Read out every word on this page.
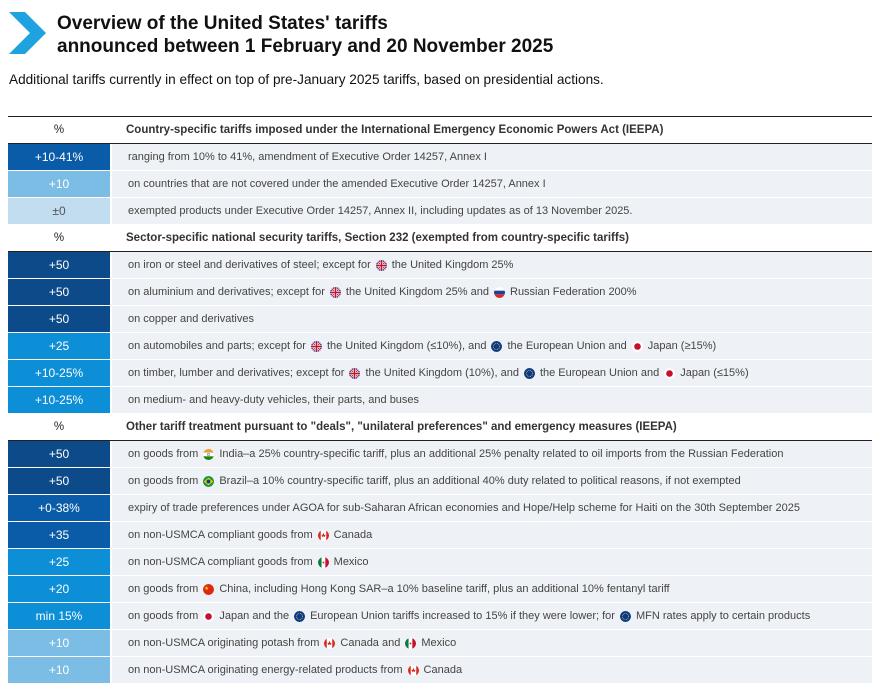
Overview of the United States' tariffs
announced between 1 February and 20 November 2025
Additional tariffs currently in effect on top of pre-January 2025 tariffs, based on presidential actions.
%	Country-specific tariffs imposed under the International Emergency Economic Powers Act (IEEPA)
+10-41%	ranging from 10% to 41%, amendment of Executive Order 14257, Annex I
+10	on countries that are not covered under the amended Executive Order 14257, Annex I
±0	exempted products under Executive Order 14257, Annex II, including updates as of 13 November 2025.
%	Sector-specific national security tariffs, Section 232 (exempted from country-specific tariffs)
+50	on iron or steel and derivatives of steel; except for the United Kingdom 25%
+50	on aluminium and derivatives; except for the United Kingdom 25% and Russian Federation 200%
+50	on copper and derivatives
+25	on automobiles and parts; except for the United Kingdom (≤10%), and the European Union and Japan (≥15%)
+10-25%	on timber, lumber and derivatives; except for the United Kingdom (10%), and the European Union and Japan (≤15%)
+10-25%	on medium- and heavy-duty vehicles, their parts, and buses
%	Other tariff treatment pursuant to "deals", "unilateral preferences" and emergency measures (IEEPA)
+50	on goods from India–a 25% country-specific tariff, plus an additional 25% penalty related to oil imports from the Russian Federation
+50	on goods from Brazil–a 10% country-specific tariff, plus an additional 40% duty related to political reasons, if not exempted
+0-38%	expiry of trade preferences under AGOA for sub-Saharan African economies and Hope/Help scheme for Haiti on the 30th September 2025
+35	on non-USMCA compliant goods from Canada
+25	on non-USMCA compliant goods from Mexico
+20	on goods from China, including Hong Kong SAR–a 10% baseline tariff, plus an additional 10% fentanyl tariff
min 15%	on goods from Japan and the European Union tariffs increased to 15% if they were lower; for MFN rates apply to certain products
+10	on non-USMCA originating potash from Canada and Mexico
+10	on non-USMCA originating energy-related products from Canada
